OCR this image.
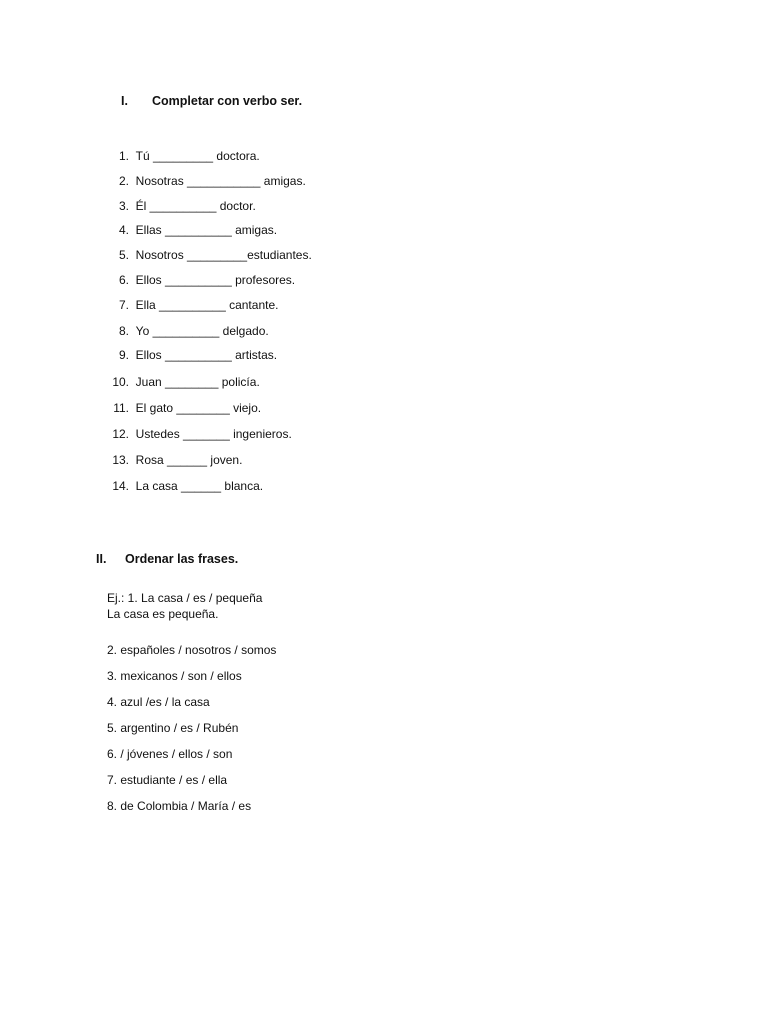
I. Completar con verbo ser.
1. Tú _________ doctora.
2. Nosotras ___________ amigas.
3. Él __________ doctor.
4. Ellas __________ amigas.
5. Nosotros _________estudiantes.
6. Ellos __________ profesores.
7. Ella __________ cantante.
8. Yo __________ delgado.
9. Ellos __________ artistas.
10. Juan ________ policía.
11. El gato ________ viejo.
12. Ustedes _______ ingenieros.
13. Rosa ______ joven.
14. La casa ______ blanca.
II. Ordenar las frases.
Ej.: 1. La casa / es / pequeña
La casa es pequeña.
2. españoles / nosotros / somos
3. mexicanos / son / ellos
4. azul /es / la casa
5. argentino / es / Rubén
6. / jóvenes / ellos / son
7. estudiante / es / ella
8. de Colombia / María / es
